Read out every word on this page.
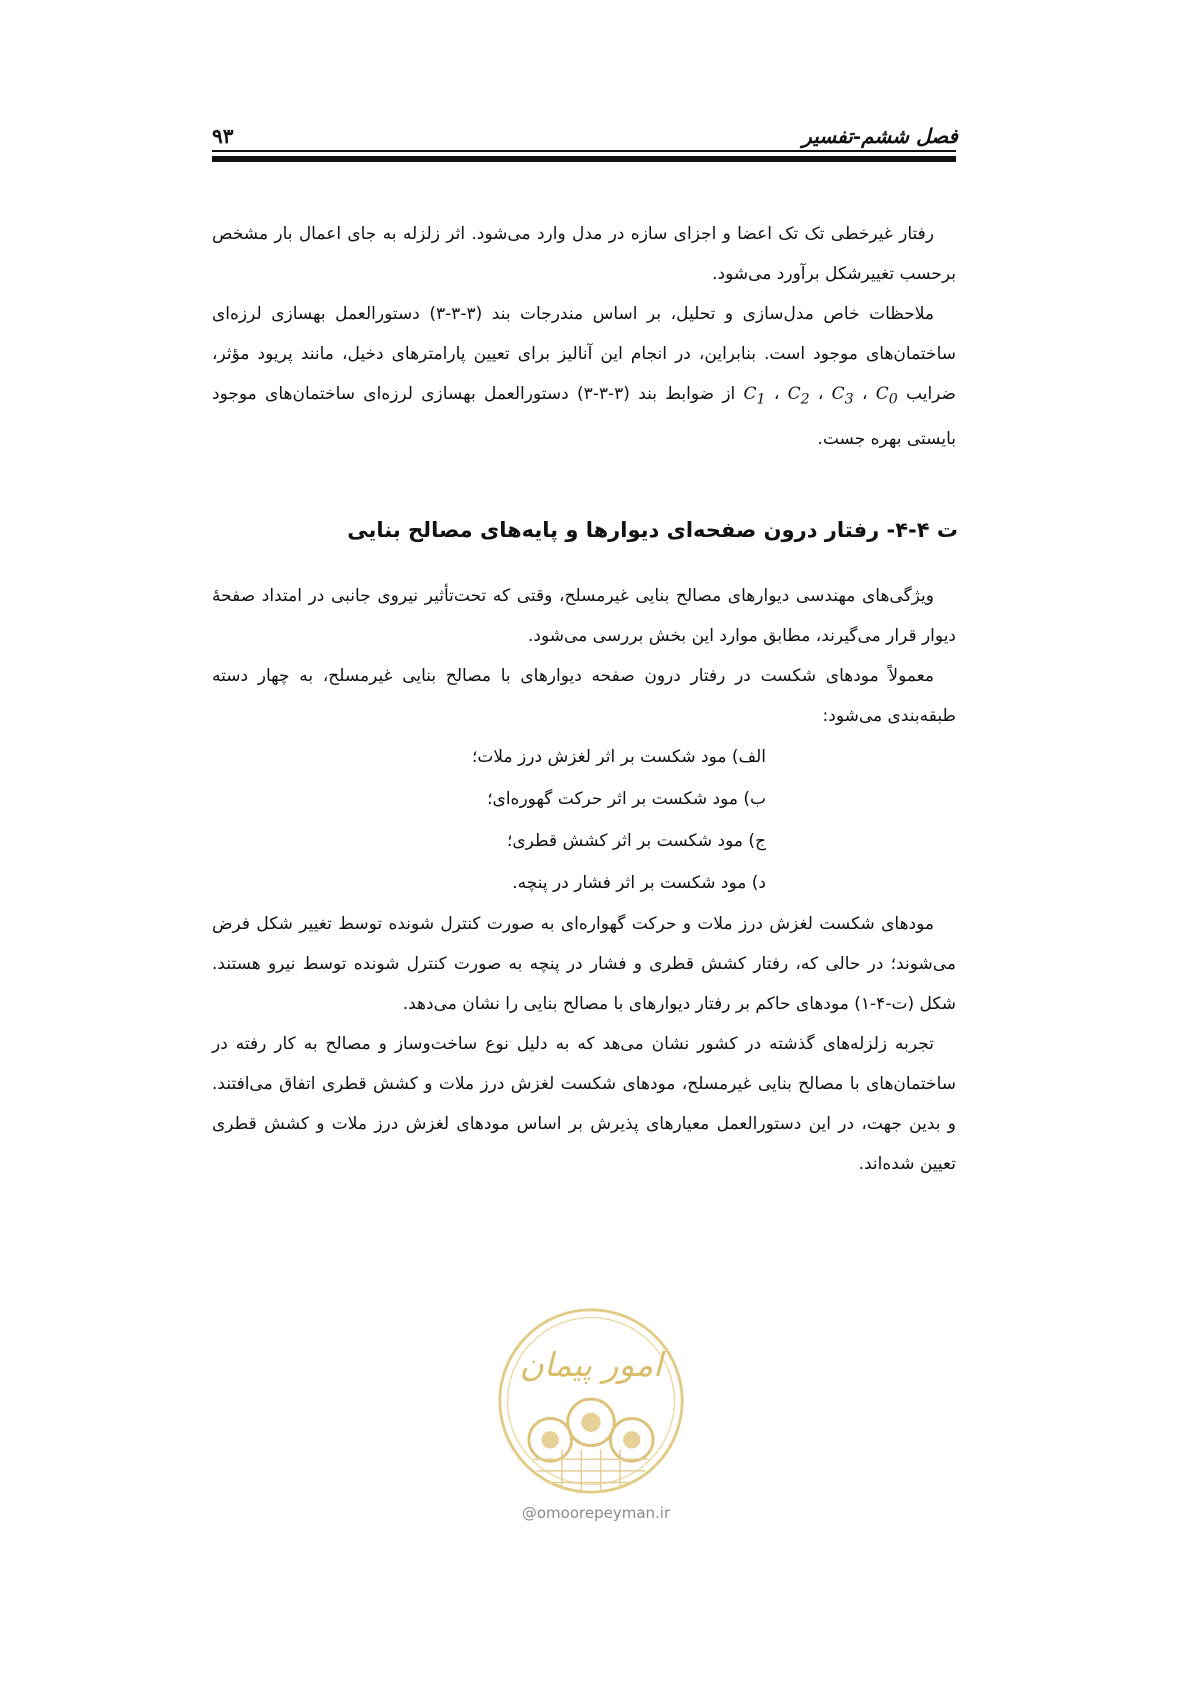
فصل ششم-تفسیر
۹۳

رفتار غیرخطی تک تک اعضا و اجزای سازه در مدل وارد می‌شود. اثر زلزله به جای اعمال بار مشخص برحسب تغییرشکل برآورد می‌شود.

ملاحظات خاص مدل‌سازی و تحلیل، بر اساس مندرجات بند (۳-۳-۳) دستورالعمل بهسازی لرزه‌ای ساختمان‌های موجود است. بنابراین، در انجام این آنالیز برای تعیین پارامترهای دخیل، مانند پریود مؤثر، ضرایب $C_1$ ، $C_2$ ، $C_3$ ، $C_0$ از ضوابط بند (۳-۳-۳) دستورالعمل بهسازی لرزه‌ای ساختمان‌های موجود بایستی بهره جست.

ت ۴-۴- رفتار درون صفحه‌ای دیوارها و پایه‌های مصالح بنایی

ویژگی‌های مهندسی دیوارهای مصالح بنایی غیرمسلح، وقتی که تحت‌تأثیر نیروی جانبی در امتداد صفحهٔ دیوار قرار می‌گیرند، مطابق موارد این بخش بررسی می‌شود.

معمولاً مودهای شکست در رفتار درون صفحه دیوارهای با مصالح بنایی غیرمسلح، به چهار دسته طبقه‌بندی می‌شود:

الف) مود شکست بر اثر لغزش درز ملات؛
ب) مود شکست بر اثر حرکت گهوره‌ای؛
ج) مود شکست بر اثر کشش قطری؛
د) مود شکست بر اثر فشار در پنچه.

مودهای شکست لغزش درز ملات و حرکت گهواره‌ای به صورت کنترل شونده توسط تغییر شکل فرض می‌شوند؛ در حالی که، رفتار کشش قطری و فشار در پنچه به صورت کنترل شونده توسط نیرو هستند. شکل (ت-۴-۱) مودهای حاکم بر رفتار دیوارهای با مصالح بنایی را نشان می‌دهد.

تجربه زلزله‌های گذشته در کشور نشان می‌هد که به دلیل نوع ساخت‌وساز و مصالح به کار رفته در ساختمان‌های با مصالح بنایی غیرمسلح، مودهای شکست لغزش درز ملات و کشش قطری اتفاق می‌افتند. و بدین جهت، در این دستورالعمل معیارهای پذیرش بر اساس مودهای لغزش درز ملات و کشش قطری تعیین شده‌اند.

امور پیمان
@omoorepeyman.ir
